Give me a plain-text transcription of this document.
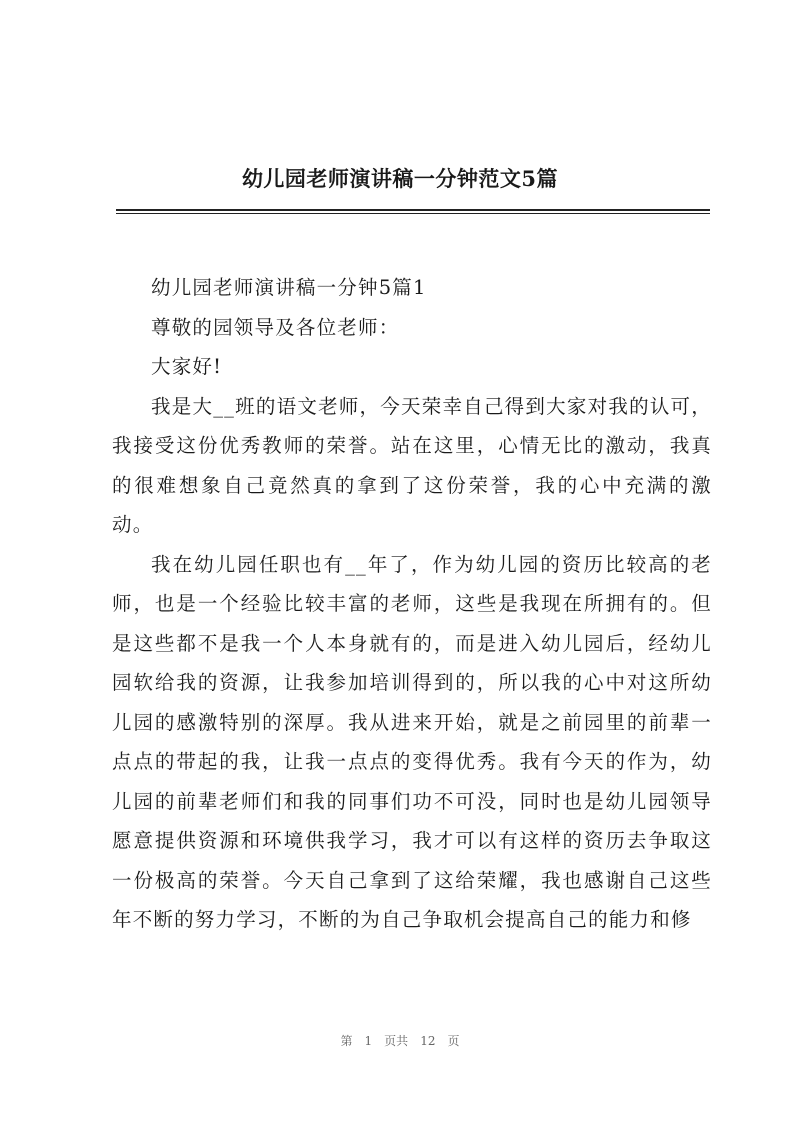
幼儿园老师演讲稿一分钟范文5篇

幼儿园老师演讲稿一分钟5篇1

尊敬的园领导及各位老师：

大家好!

我是大__班的语文老师，今天荣幸自己得到大家对我的认可，我接受这份优秀教师的荣誉。站在这里，心情无比的激动，我真的很难想象自己竟然真的拿到了这份荣誉，我的心中充满的激动。

我在幼儿园任职也有__年了，作为幼儿园的资历比较高的老师，也是一个经验比较丰富的老师，这些是我现在所拥有的。但是这些都不是我一个人本身就有的，而是进入幼儿园后，经幼儿园软给我的资源，让我参加培训得到的，所以我的心中对这所幼儿园的感激特别的深厚。我从进来开始，就是之前园里的前辈一点点的带起的我，让我一点点的变得优秀。我有今天的作为，幼儿园的前辈老师们和我的同事们功不可没，同时也是幼儿园领导愿意提供资源和环境供我学习，我才可以有这样的资历去争取这一份极高的荣誉。今天自己拿到了这给荣耀，我也感谢自己这些年不断的努力学习，不断的为自己争取机会提高自己的能力和修

第 1 页共 12 页
